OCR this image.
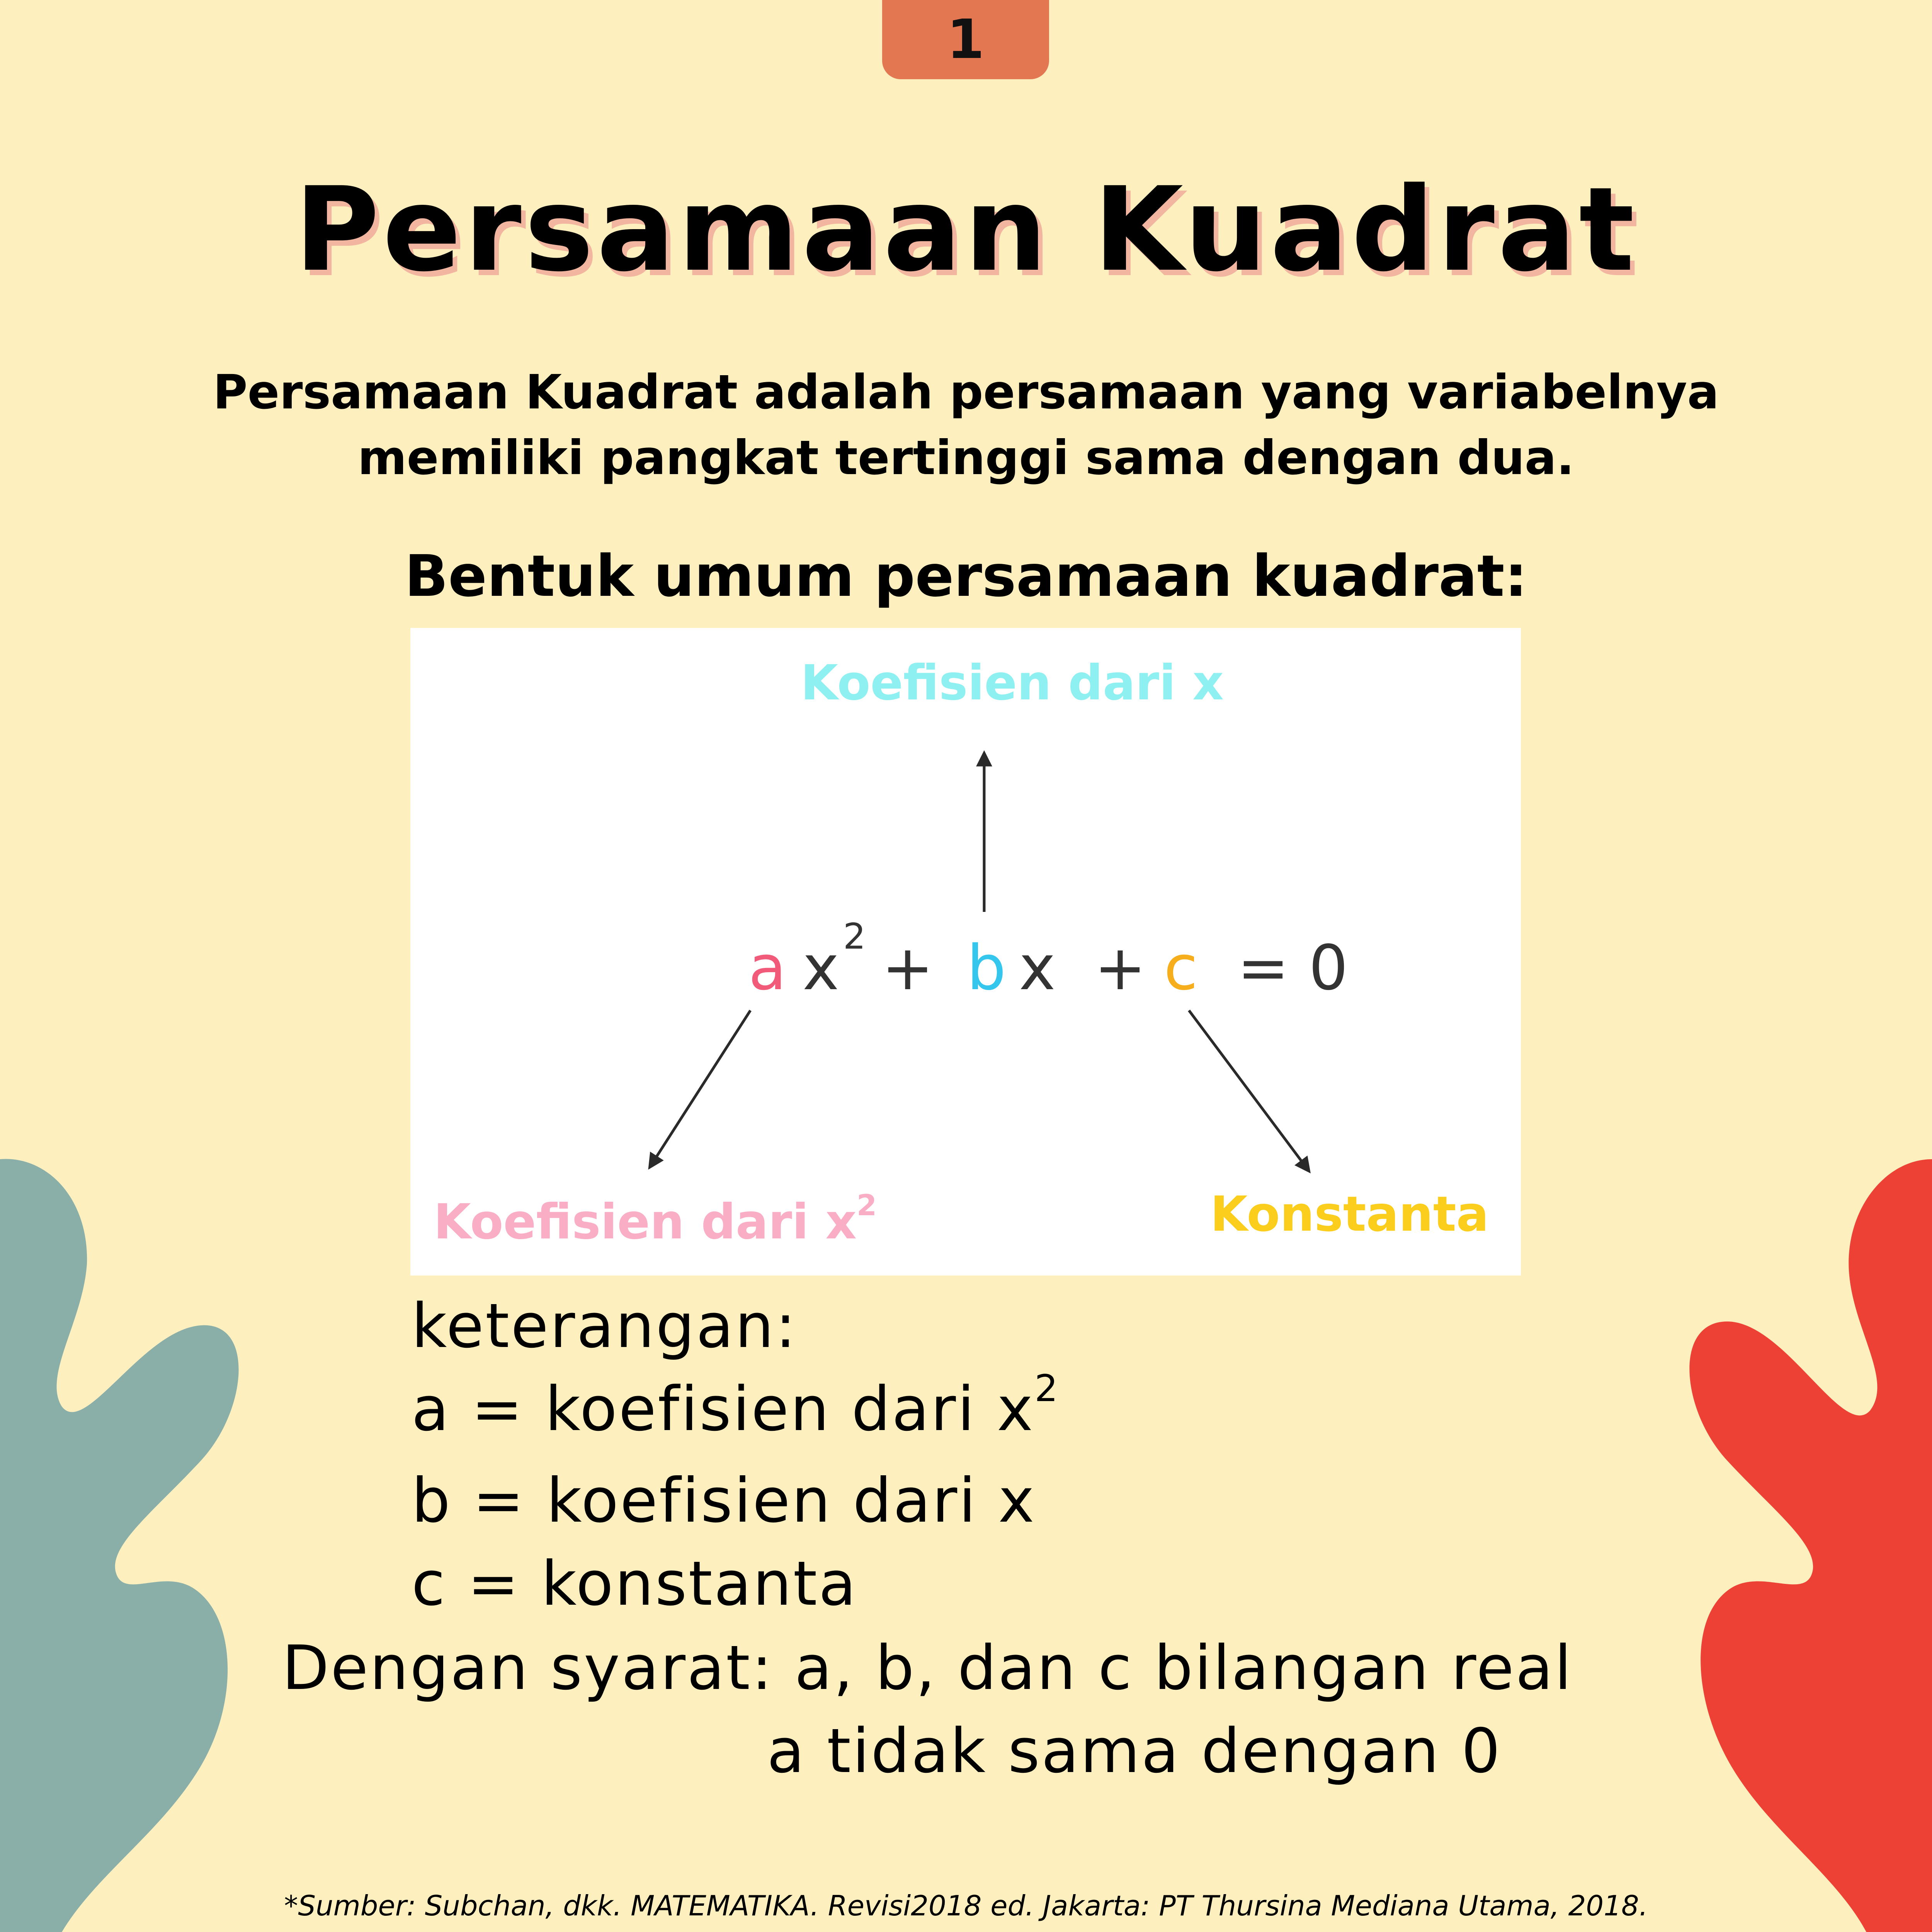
1
Persamaan Kuadrat
Persamaan Kuadrat adalah persamaan yang variabelnya
memiliki pangkat tertinggi sama dengan dua.
Bentuk umum persamaan kuadrat:
Koefisien dari x
a x 2 + b x + c = 0
Koefisien dari $x^2$	Konstanta
keterangan:
a = koefisien dari $x^2$
b = koefisien dari x
c = konstanta
Dengan syarat: a, b, dan c bilangan real
a tidak sama dengan 0
*Sumber: Subchan, dkk. MATEMATIKA. Revisi2018 ed. Jakarta: PT Thursina Mediana Utama, 2018.
